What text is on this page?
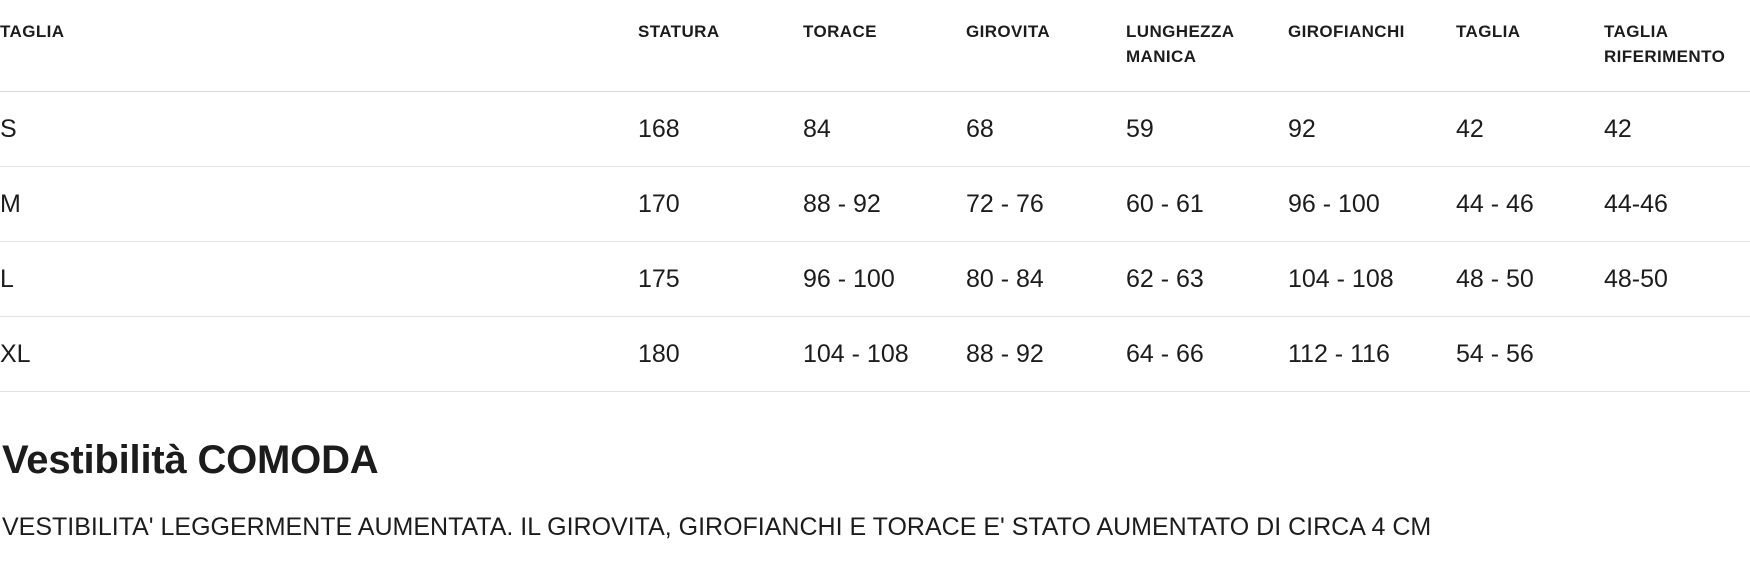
TAGLIA	STATURA	TORACE	GIROVITA	LUNGHEZZA MANICA	GIROFIANCHI	TAGLIA	TAGLIA RIFERIMENTO
S	168	84	68	59	92	42	42
M	170	88 - 92	72 - 76	60 - 61	96 - 100	44 - 46	44-46
L	175	96 - 100	80 - 84	62 - 63	104 - 108	48 - 50	48-50
XL	180	104 - 108	88 - 92	64 - 66	112 - 116	54 - 56	
Vestibilità COMODA

VESTIBILITA' LEGGERMENTE AUMENTATA. IL GIROVITA, GIROFIANCHI E TORACE E' STATO AUMENTATO DI CIRCA 4 CM
